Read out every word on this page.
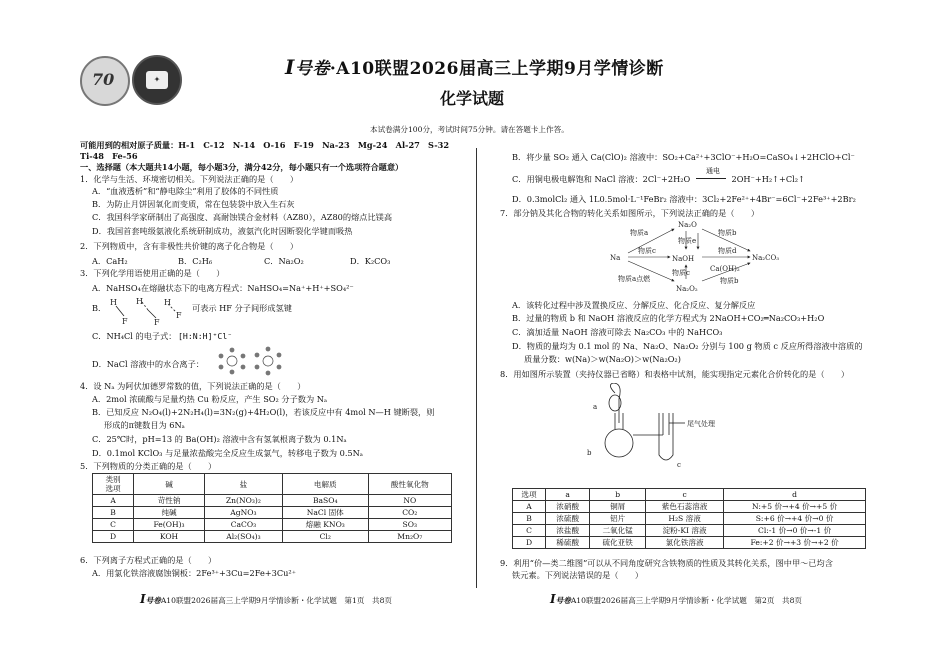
70	✦
I号卷·A10联盟2026届高三上学期9月学情诊断
化学试题
本试卷满分100分，考试时间75分钟。请在答题卡上作答。
可能用到的相对原子质量：H-1　C-12　N-14　O-16　F-19　Na-23　Mg-24　Al-27　S-32
Ti-48　Fe-56
一、选择题（本大题共14小题，每小题3分，满分42分，每小题只有一个选项符合题意）
1．化学与生活、环境密切相关。下列说法正确的是（　　）
A．“血液透析”和“静电除尘”利用了胶体的不同性质
B．为防止月饼因氧化而变质，常在包装袋中放入生石灰
C．我国科学家研制出了高强度、高耐蚀镁合金材料（AZ80），AZ80的熔点比镁高
D．我国首套吨级氨液化系统研制成功，液氨汽化时因断裂化学键而吸热
2．下列物质中，含有非极性共价键的离子化合物是（　　）
A．CaH₂	B．C₂H₆	C．Na₂O₂	D．K₂CO₃
3．下列化学用语使用正确的是（　　）
A．NaHSO₄在熔融状态下的电离方程式：NaHSO₄=Na⁺+H⁺+SO₄²⁻
B．
H
F
H
F
H
F
可表示 HF 分子间形成氢键
C．NH₄Cl 的电子式： [H:N:H]⁺Cl⁻
D．NaCl 溶液中的水合离子：
4．设 Nₐ 为阿伏加德罗常数的值，下列说法正确的是（　　）
A．2mol 浓硫酸与足量灼热 Cu 粉反应，产生 SO₂ 分子数为 Nₐ
B．已知反应 N₂O₄(l)+2N₂H₄(l)=3N₂(g)+4H₂O(l)，若该反应中有 4mol N—H 键断裂，则
形成的π键数目为 6Nₐ
C．25℃时，pH=13 的 Ba(OH)₂ 溶液中含有氢氧根离子数为 0.1Nₐ
D．0.1mol KClO₃ 与足量浓盐酸完全反应生成氯气，转移电子数为 0.5Nₐ
5．下列物质的分类正确的是（　　）
类别
选项	碱	盐	电解质	酸性氧化物
A	苛性钠	Zn(NO₃)₂	BaSO₄	NO
B	纯碱	AgNO₃	NaCl 固体	CO₂
C	Fe(OH)₃	CaCO₃	熔融 KNO₃	SO₃
D	KOH	Al₂(SO₄)₃	Cl₂	Mn₂O₇
6．下列离子方程式正确的是（　　）
A．用氯化铁溶液腐蚀铜板：2Fe³⁺+3Cu=2Fe+3Cu²⁺
I号卷A10联盟2026届高三上学期9月学情诊断・化学试题　第1页　共8页
B．将少量 SO₂ 通入 Ca(ClO)₂ 溶液中：SO₂+Ca²⁺+3ClO⁻+H₂O=CaSO₄↓+2HClO+Cl⁻
C．用铜电极电解饱和 NaCl 溶液：2Cl⁻+2H₂O
通电
2OH⁻+H₂↑+Cl₂↑
D．0.3molCl₂ 通入 1L0.5mol·L⁻¹FeBr₂ 溶液中：3Cl₂+2Fe²⁺+4Br⁻=6Cl⁻+2Fe³⁺+2Br₂
7．部分钠及其化合物的转化关系如图所示，下列说法正确的是（　　）
Na₂O
Na	NaOH	Na₂CO₃
Na₂O₂
Ca(OH)₂
物质a	物质b
物质c
物质e
物质d
物质b
物质a点燃
物质c
A．该转化过程中涉及置换反应、分解反应、化合反应、复分解反应
B．过量的物质 b 和 NaOH 溶液反应的化学方程式为 2NaOH+CO₂═Na₂CO₃+H₂O
C．滴加适量 NaOH 溶液可除去 Na₂CO₃ 中的 NaHCO₃
D．物质的量均为 0.1 mol 的 Na、Na₂O、Na₂O₂ 分别与 100 g 物质 c 反应所得溶液中溶质的
质量分数：w(Na)＞w(Na₂O)＞w(Na₂O₂)
8．用如图所示装置（夹持仪器已省略）和表格中试剂，能实现指定元素化合价转化的是（　　）
a
b
c
尾气处理
选项	a	b	c	d
A	浓硝酸	铜屑	紫色石蕊溶液	N:+5 价→+4 价→+5 价
B	浓硫酸	铝片	H₂S 溶液	S:+6 价→+4 价→0 价
C	浓盐酸	二氧化锰	淀粉-KI 溶液	Cl:-1 价→0 价→-1 价
D	稀硫酸	硫化亚铁	氯化铁溶液	Fe:+2 价→+3 价→+2 价
9．利用“价—类二维图”可以从不同角度研究含铁物质的性质及其转化关系，图中甲～已均含
铁元素。下列说法错误的是（　　）
I号卷A10联盟2026届高三上学期9月学情诊断・化学试题　第2页　共8页
